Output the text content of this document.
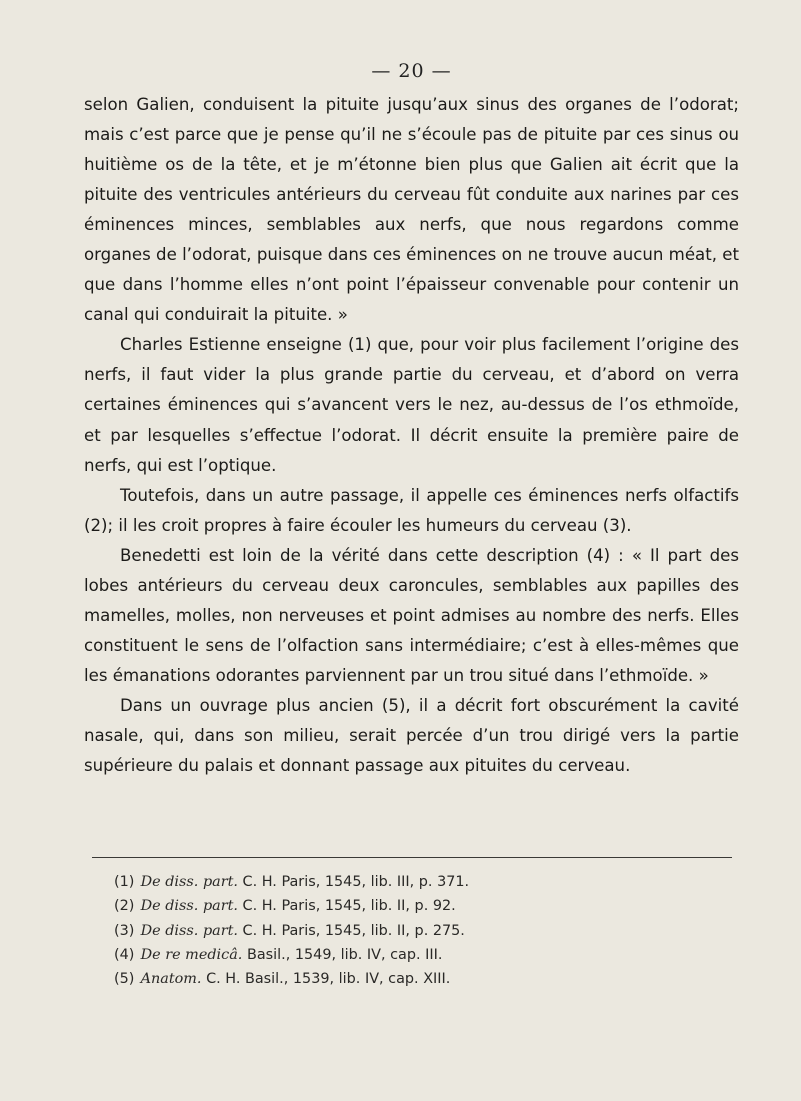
— 20 —

selon Galien, conduisent la pituite jusqu’aux sinus des organes de l’odorat; mais c’est parce que je pense qu’il ne s’écoule pas de pituite par ces sinus ou huitième os de la tête, et je m’étonne bien plus que Galien ait écrit que la pituite des ventricules antérieurs du cerveau fût conduite aux narines par ces éminences minces, semblables aux nerfs, que nous regardons comme organes de l’odorat, puisque dans ces éminences on ne trouve aucun méat, et que dans l’homme elles n’ont point l’épaisseur convenable pour contenir un canal qui conduirait la pituite. »

Charles Estienne enseigne (1) que, pour voir plus facilement l’origine des nerfs, il faut vider la plus grande partie du cerveau, et d’abord on verra certaines éminences qui s’avancent vers le nez, au-dessus de l’os ethmoïde, et par lesquelles s’effectue l’odorat. Il décrit ensuite la première paire de nerfs, qui est l’optique.

Toutefois, dans un autre passage, il appelle ces éminences nerfs olfactifs (2); il les croit propres à faire écouler les humeurs du cerveau (3).

Benedetti est loin de la vérité dans cette description (4) : « Il part des lobes antérieurs du cerveau deux caroncules, semblables aux papilles des mamelles, molles, non nerveuses et point admises au nombre des nerfs. Elles constituent le sens de l’olfaction sans intermédiaire; c’est à elles-mêmes que les émanations odorantes parviennent par un trou situé dans l’ethmoïde. »

Dans un ouvrage plus ancien (5), il a décrit fort obscurément la cavité nasale, qui, dans son milieu, serait percée d’un trou dirigé vers la partie supérieure du palais et donnant passage aux pituites du cerveau.

(1) De diss. part. C. H. Paris, 1545, lib. III, p. 371.
(2) De diss. part. C. H. Paris, 1545, lib. II, p. 92.
(3) De diss. part. C. H. Paris, 1545, lib. II, p. 275.
(4) De re medicâ. Basil., 1549, lib. IV, cap. III.
(5) Anatom. C. H. Basil., 1539, lib. IV, cap. XIII.
